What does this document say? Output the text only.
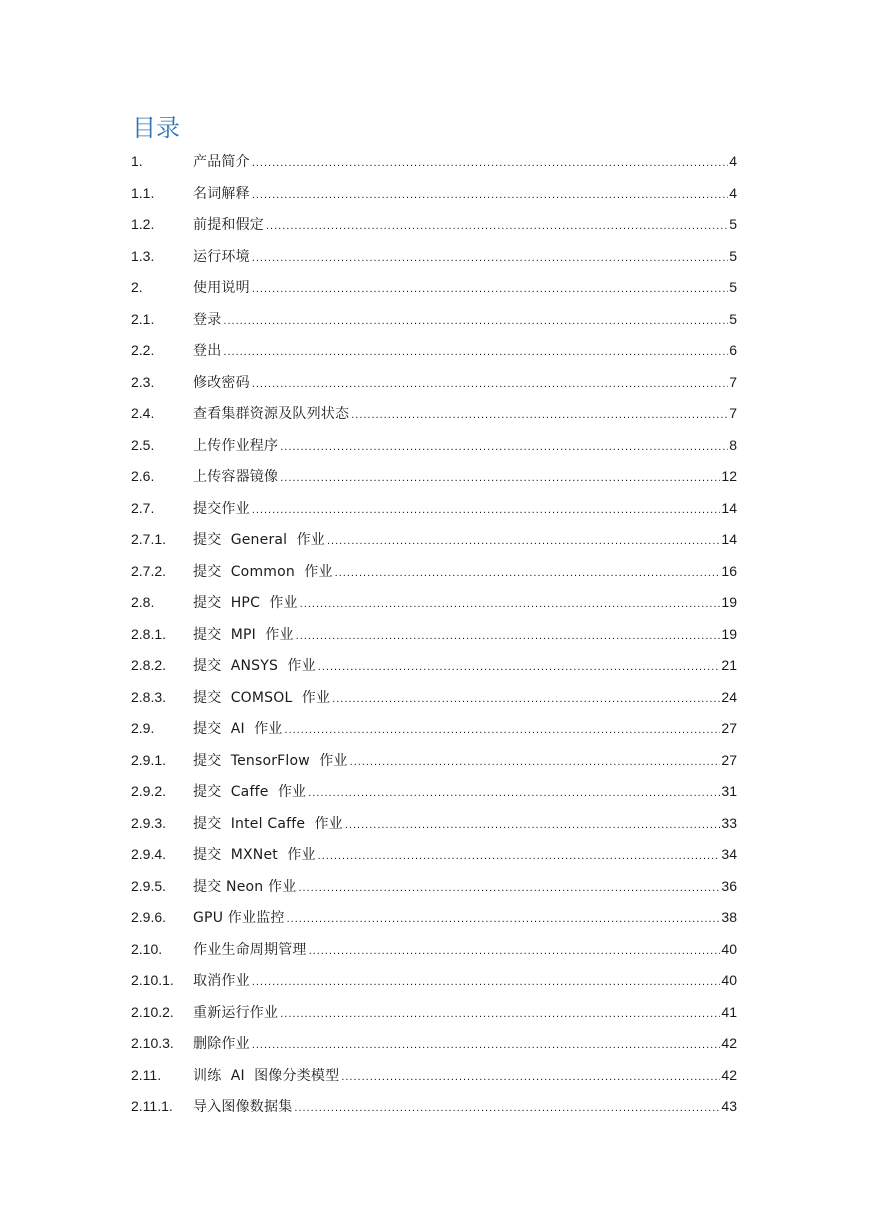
目录
1.	产品简介 .....	4
1.1.	名词解释 .....	4
1.2.	前提和假定 .....	5
1.3.	运行环境 .....	5
2.	使用说明 .....	5
2.1.	登录 .....	5
2.2.	登出 .....	6
2.3.	修改密码 .....	7
2.4.	查看集群资源及队列状态 .....	7
2.5.	上传作业程序 .....	8
2.6.	上传容器镜像 .....	12
2.7.	提交作业 .....	14
2.7.1.	提交  General  作业 .....	14
2.7.2.	提交  Common  作业 .....	16
2.8.	提交  HPC  作业 .....	19
2.8.1.	提交  MPI  作业 .....	19
2.8.2.	提交  ANSYS  作业 .....	21
2.8.3.	提交  COMSOL  作业 .....	24
2.9.	提交  AI  作业 .....	27
2.9.1.	提交  TensorFlow  作业 .....	27
2.9.2.	提交  Caffe  作业 .....	31
2.9.3.	提交  Intel Caffe  作业 .....	33
2.9.4.	提交  MXNet  作业 .....	34
2.9.5.	提交 Neon 作业 .....	36
2.9.6.	GPU 作业监控 .....	38
2.10.	作业生命周期管理 .....	40
2.10.1.	取消作业 .....	40
2.10.2.	重新运行作业 .....	41
2.10.3.	删除作业 .....	42
2.11.	训练  AI  图像分类模型 .....	42
2.11.1.	导入图像数据集 .....	43
